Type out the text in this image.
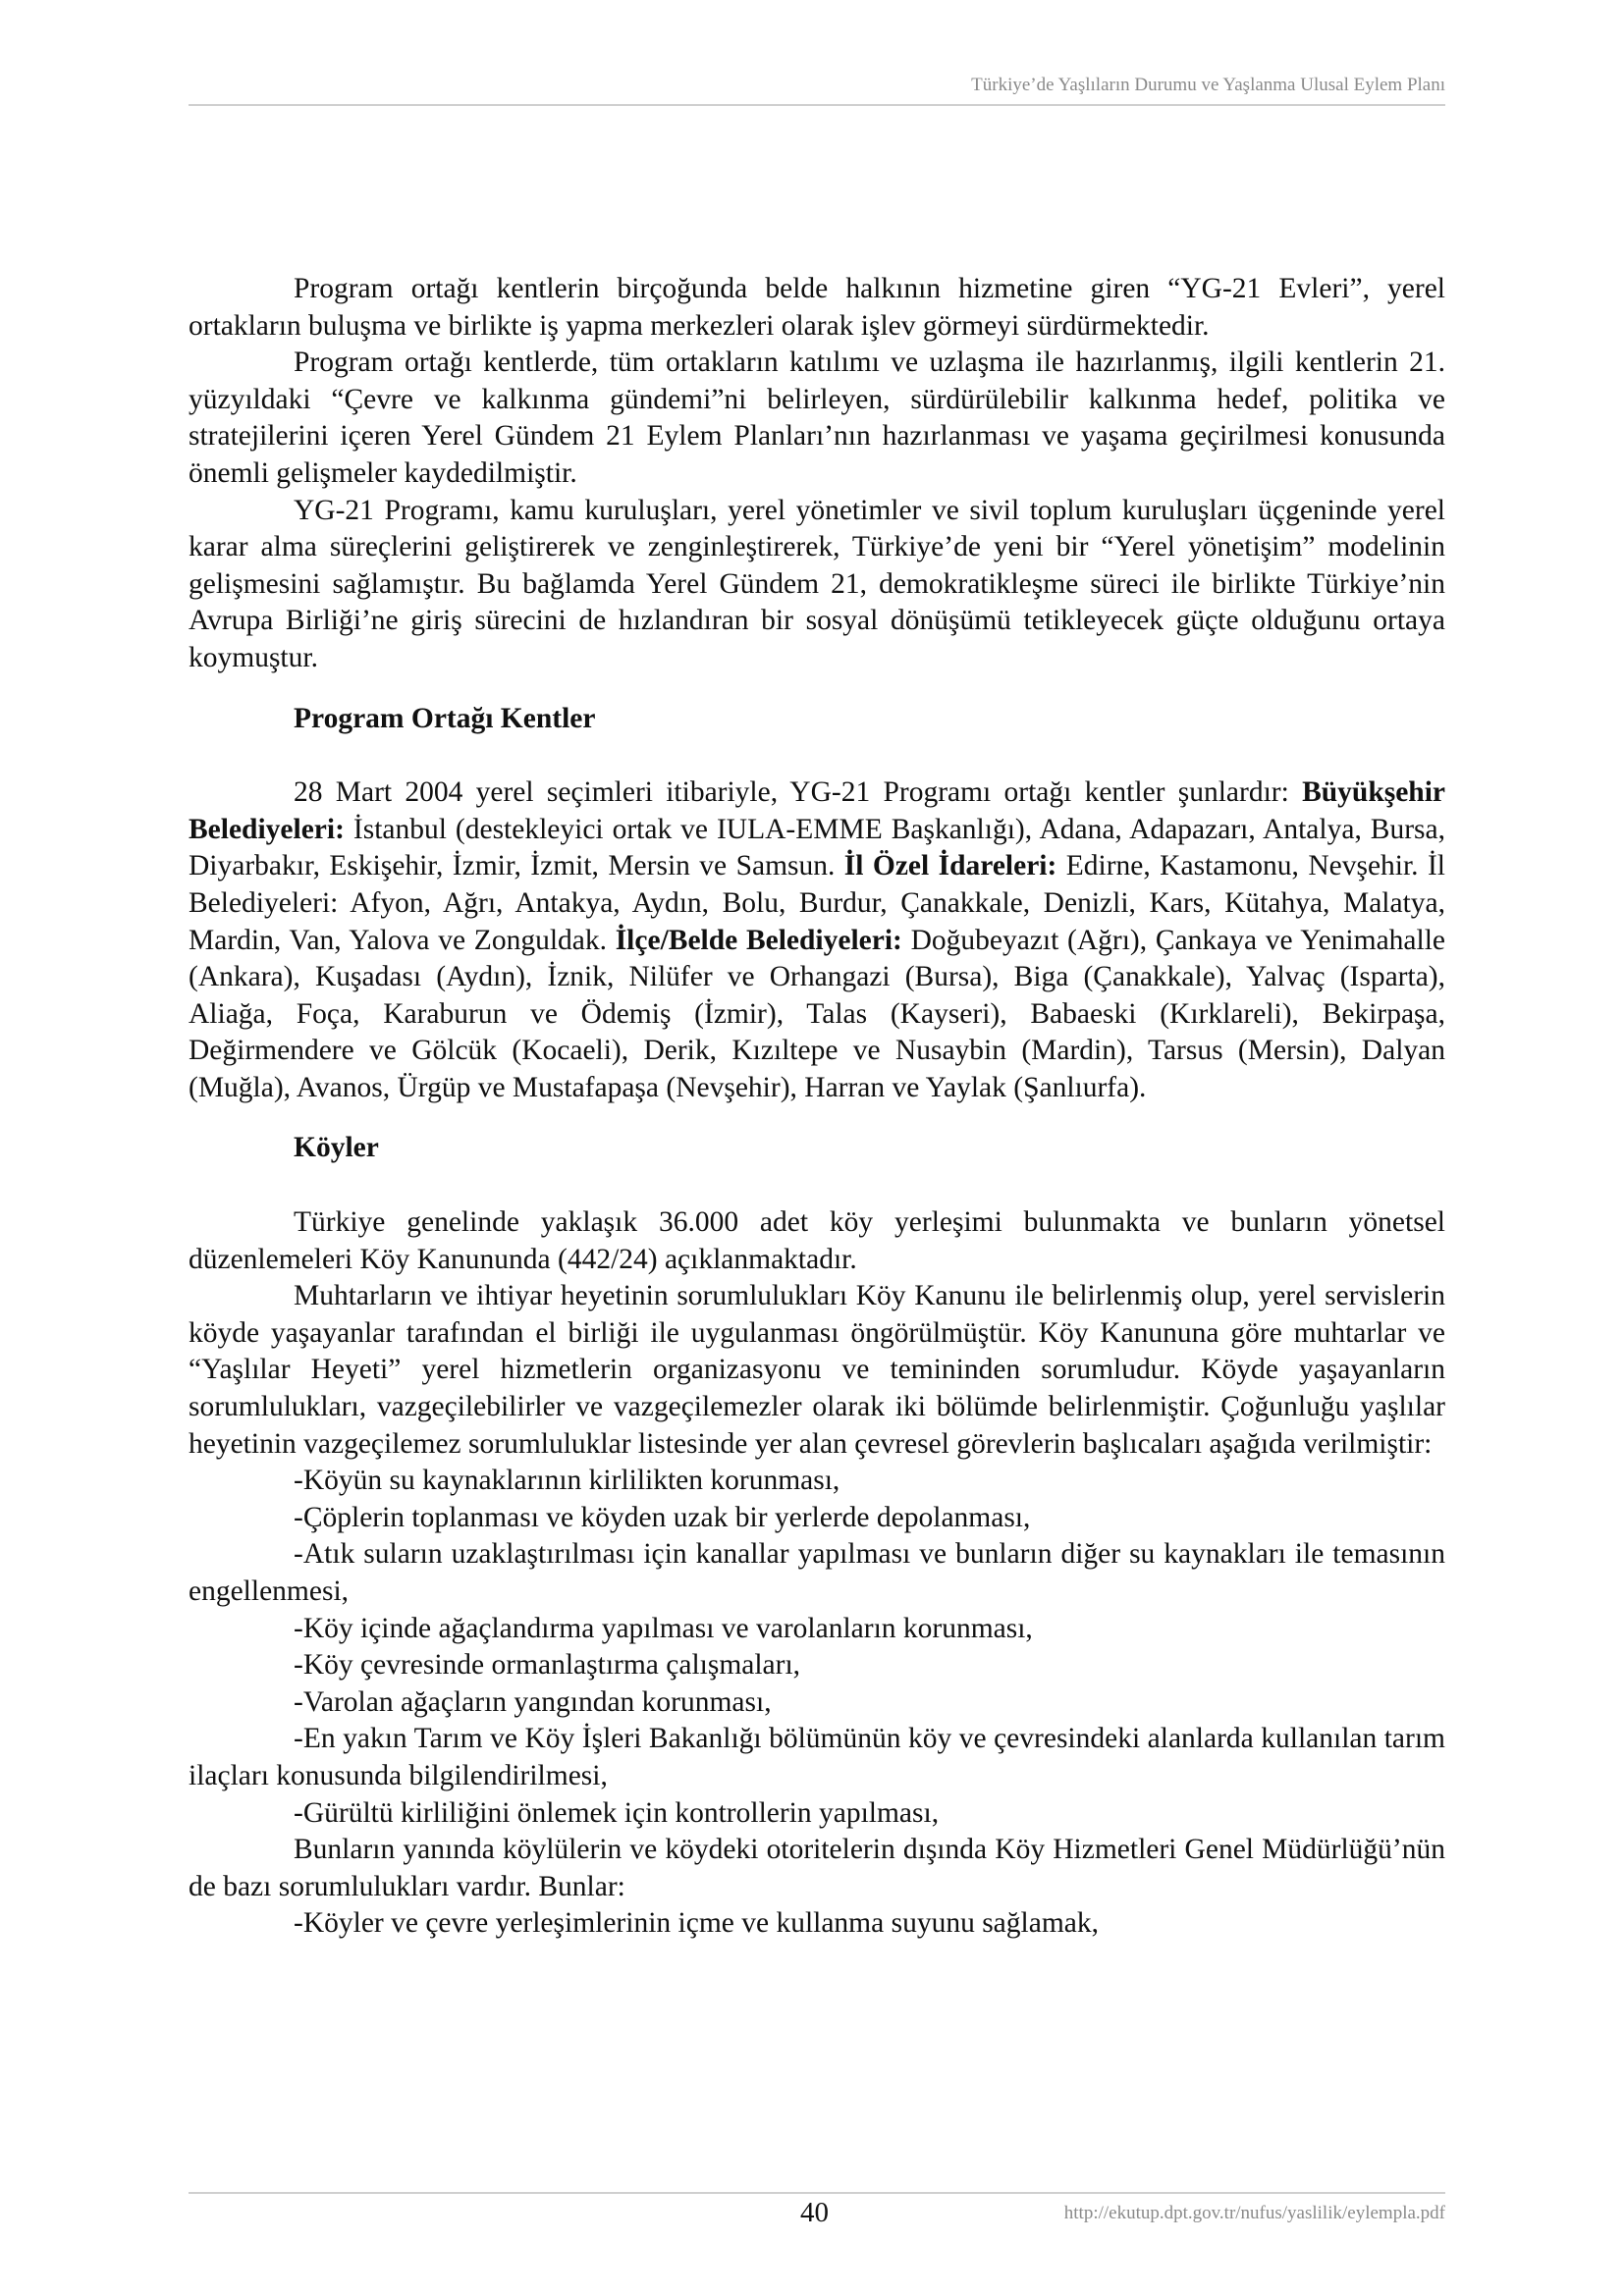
Türkiye’de Yaşlıların Durumu ve Yaşlanma Ulusal Eylem Planı

Program ortağı kentlerin birçoğunda belde halkının hizmetine giren “YG-21 Evleri”, yerel ortakların buluşma ve birlikte iş yapma merkezleri olarak işlev görmeyi sürdürmektedir.

Program ortağı kentlerde, tüm ortakların katılımı ve uzlaşma ile hazırlanmış, ilgili kentlerin 21. yüzyıldaki “Çevre ve kalkınma gündemi”ni belirleyen, sürdürülebilir kalkınma hedef, politika ve stratejilerini içeren Yerel Gündem 21 Eylem Planları’nın hazırlanması ve yaşama geçirilmesi konusunda önemli gelişmeler kaydedilmiştir.

YG-21 Programı, kamu kuruluşları, yerel yönetimler ve sivil toplum kuruluşları üçgeninde yerel karar alma süreçlerini geliştirerek ve zenginleştirerek, Türkiye’de yeni bir “Yerel yönetişim” modelinin gelişmesini sağlamıştır. Bu bağlamda Yerel Gündem 21, demokratikleşme süreci ile birlikte Türkiye’nin Avrupa Birliği’ne giriş sürecini de hızlandıran bir sosyal dönüşümü tetikleyecek güçte olduğunu ortaya koymuştur.

Program Ortağı Kentler

28 Mart 2004 yerel seçimleri itibariyle, YG-21 Programı ortağı kentler şunlardır: Büyükşehir Belediyeleri: İstanbul (destekleyici ortak ve IULA-EMME Başkanlığı), Adana, Adapazarı, Antalya, Bursa, Diyarbakır, Eskişehir, İzmir, İzmit, Mersin ve Samsun. İl Özel İdareleri: Edirne, Kastamonu, Nevşehir. İl Belediyeleri: Afyon, Ağrı, Antakya, Aydın, Bolu, Burdur, Çanakkale, Denizli, Kars, Kütahya, Malatya, Mardin, Van, Yalova ve Zonguldak. İlçe/Belde Belediyeleri: Doğubeyazıt (Ağrı), Çankaya ve Yenimahalle (Ankara), Kuşadası (Aydın), İznik, Nilüfer ve Orhangazi (Bursa), Biga (Çanakkale), Yalvaç (Isparta), Aliağa, Foça, Karaburun ve Ödemiş (İzmir), Talas (Kayseri), Babaeski (Kırklareli), Bekirpaşa, Değirmendere ve Gölcük (Kocaeli), Derik, Kızıltepe ve Nusaybin (Mardin), Tarsus (Mersin), Dalyan (Muğla), Avanos, Ürgüp ve Mustafapaşa (Nevşehir), Harran ve Yaylak (Şanlıurfa).

Köyler

Türkiye genelinde yaklaşık 36.000 adet köy yerleşimi bulunmakta ve bunların yönetsel düzenlemeleri Köy Kanununda (442/24) açıklanmaktadır.

Muhtarların ve ihtiyar heyetinin sorumlulukları Köy Kanunu ile belirlenmiş olup, yerel servislerin köyde yaşayanlar tarafından el birliği ile uygulanması öngörülmüştür. Köy Kanununa göre muhtarlar ve “Yaşlılar Heyeti” yerel hizmetlerin organizasyonu ve temininden sorumludur. Köyde yaşayanların sorumlulukları, vazgeçilebilirler ve vazgeçilemezler olarak iki bölümde belirlenmiştir. Çoğunluğu yaşlılar heyetinin vazgeçilemez sorumluluklar listesinde yer alan çevresel görevlerin başlıcaları aşağıda verilmiştir:

-Köyün su kaynaklarının kirlilikten korunması,

-Çöplerin toplanması ve köyden uzak bir yerlerde depolanması,

-Atık suların uzaklaştırılması için kanallar yapılması ve bunların diğer su kaynakları ile temasının engellenmesi,

-Köy içinde ağaçlandırma yapılması ve varolanların korunması,

-Köy çevresinde ormanlaştırma çalışmaları,

-Varolan ağaçların yangından korunması,

-En yakın Tarım ve Köy İşleri Bakanlığı bölümünün köy ve çevresindeki alanlarda kullanılan tarım ilaçları konusunda bilgilendirilmesi,

-Gürültü kirliliğini önlemek için kontrollerin yapılması,

Bunların yanında köylülerin ve köydeki otoritelerin dışında Köy Hizmetleri Genel Müdürlüğü’nün de bazı sorumlulukları vardır. Bunlar:

-Köyler ve çevre yerleşimlerinin içme ve kullanma suyunu sağlamak,

40	http://ekutup.dpt.gov.tr/nufus/yaslilik/eylempla.pdf
